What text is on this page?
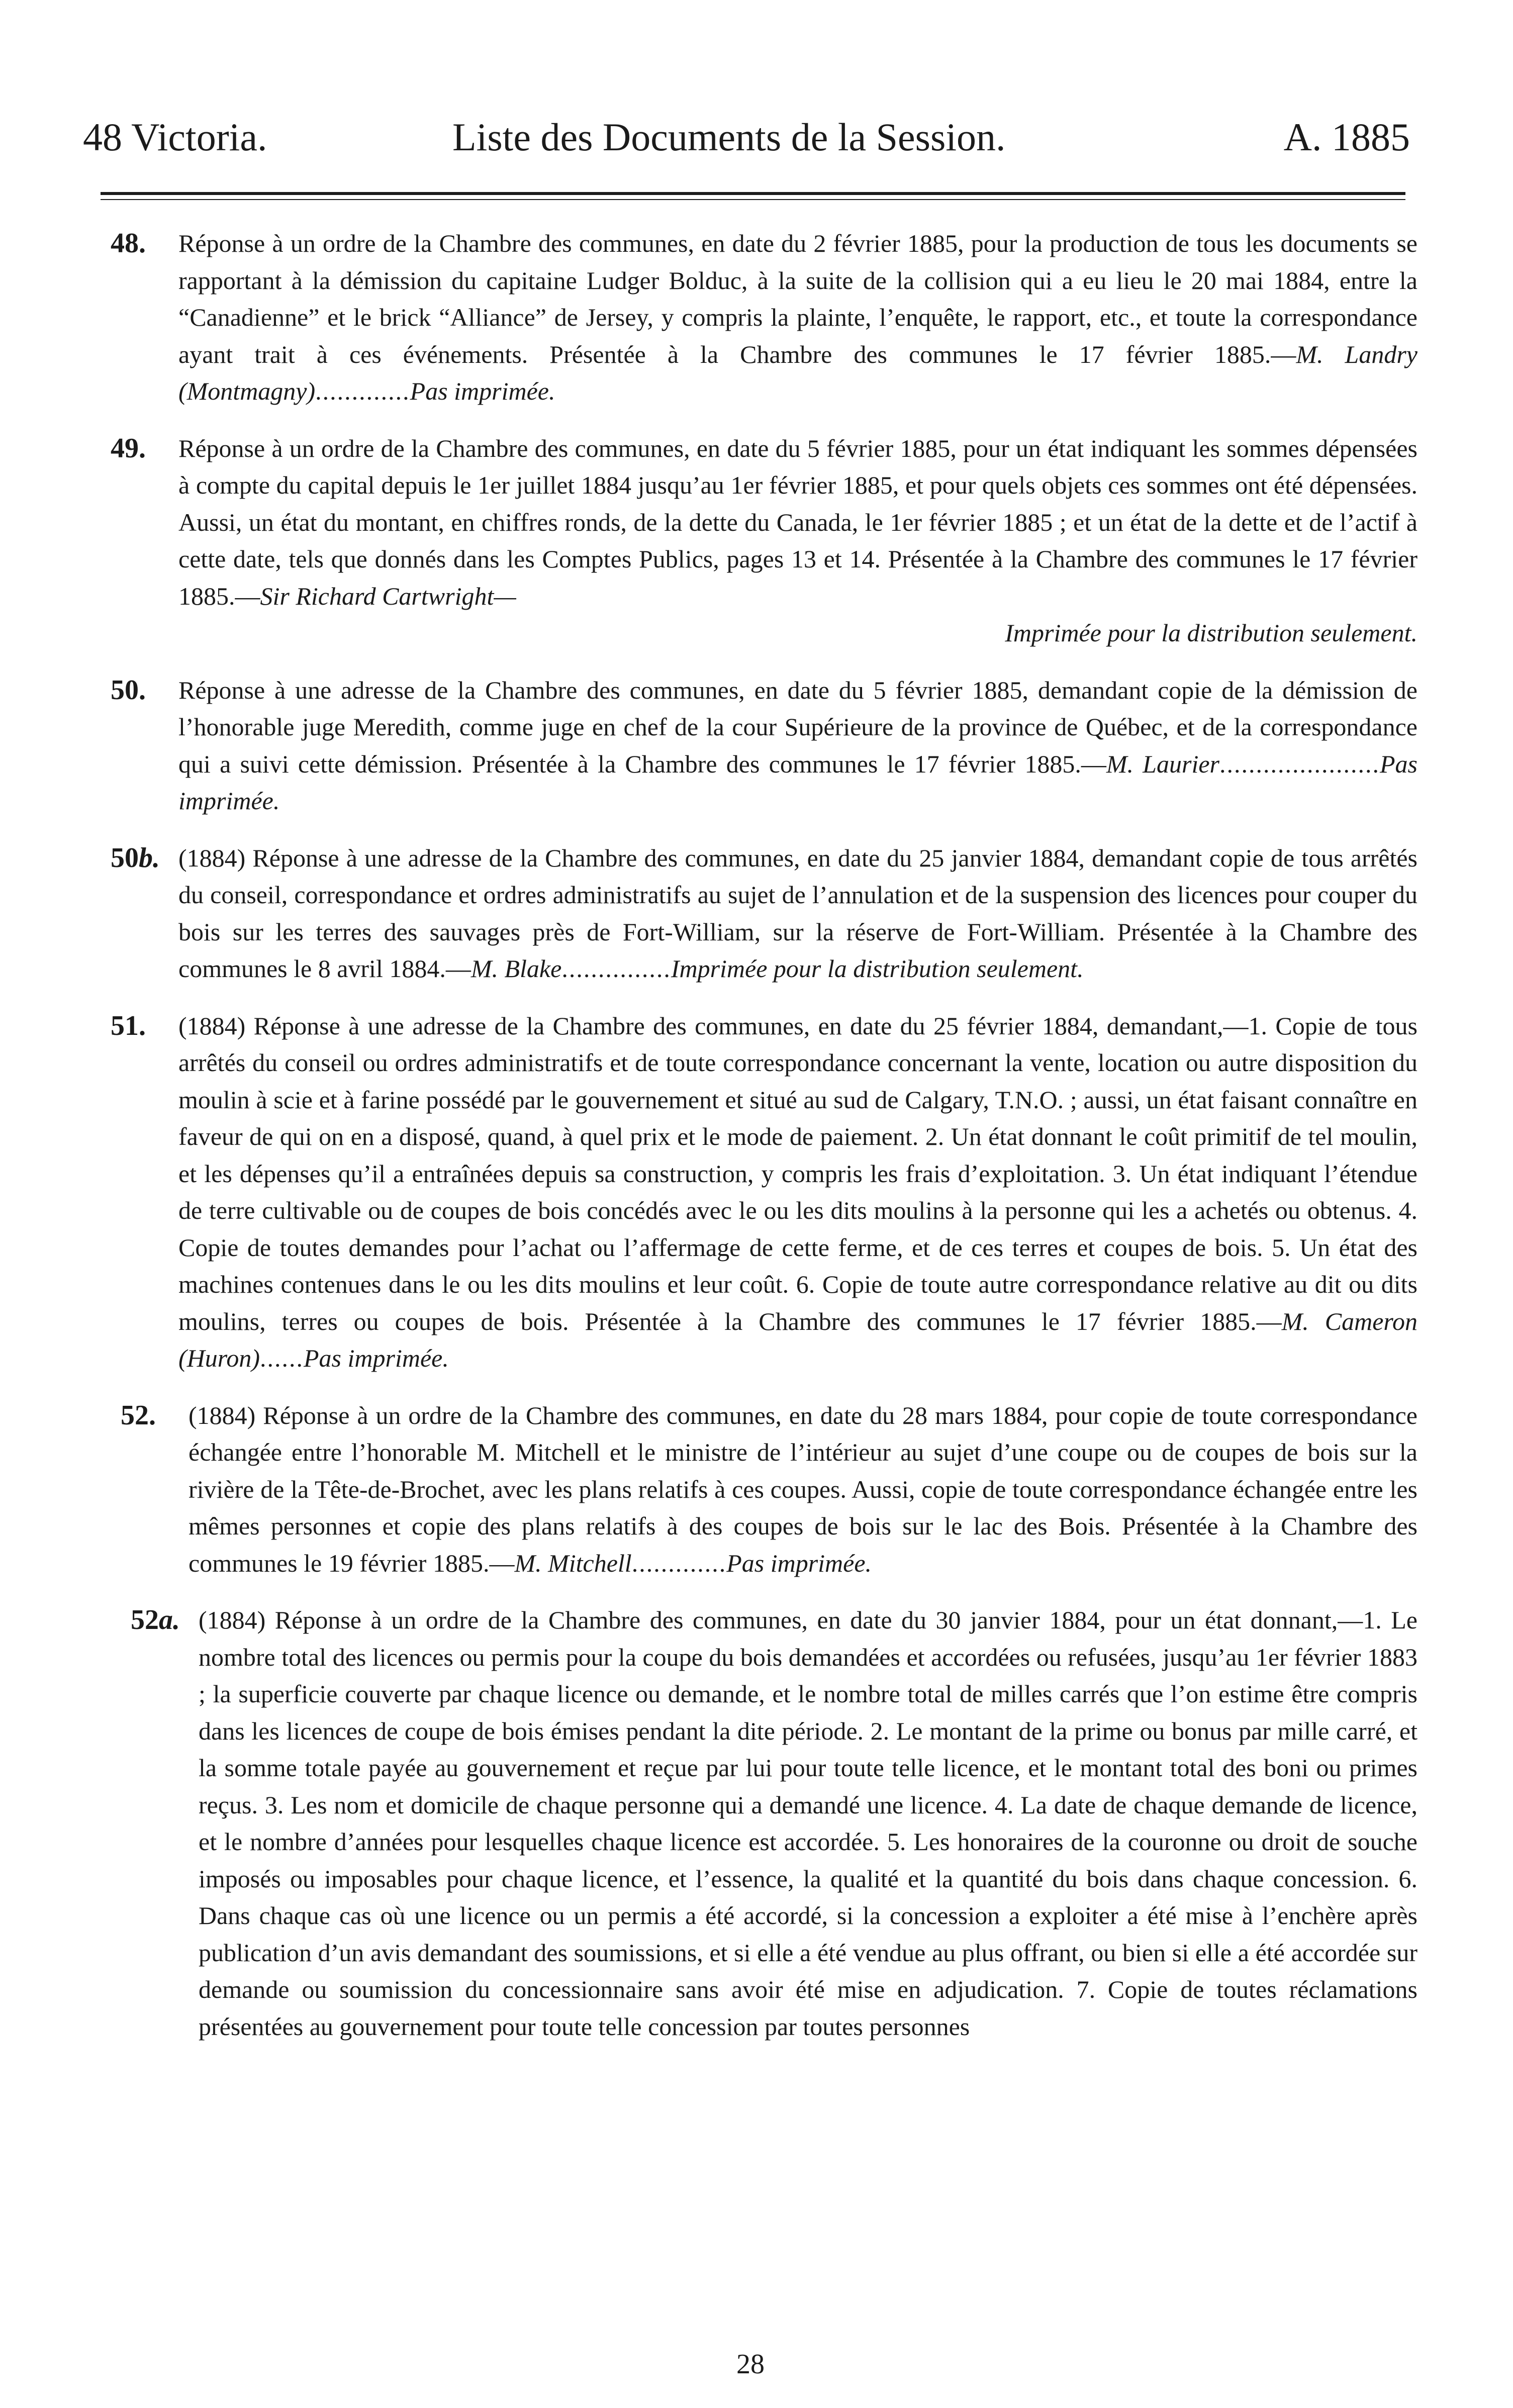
48 Victoria.	Liste des Documents de la Session.	A. 1885
48. Réponse à un ordre de la Chambre des communes, en date du 2 février 1885, pour la production de tous les documents se rapportant à la démission du capitaine Ludger Bolduc, à la suite de la collision qui a eu lieu le 20 mai 1884, entre la “Canadienne” et le brick “Alliance” de Jersey, y compris la plainte, l’enquête, le rapport, etc., et toute la correspondance ayant trait à ces événements. Présentée à la Chambre des communes le 17 février 1885.—M. Landry (Montmagny).............Pas imprimée.
49. Réponse à un ordre de la Chambre des communes, en date du 5 février 1885, pour un état indiquant les sommes dépensées à compte du capital depuis le 1er juillet 1884 jusqu’au 1er février 1885, et pour quels objets ces sommes ont été dépensées. Aussi, un état du montant, en chiffres ronds, de la dette du Canada, le 1er février 1885 ; et un état de la dette et de l’actif à cette date, tels que donnés dans les Comptes Publics, pages 13 et 14. Présentée à la Chambre des communes le 17 février 1885.—Sir Richard Cartwright—
Imprimée pour la distribution seulement.
50. Réponse à une adresse de la Chambre des communes, en date du 5 février 1885, demandant copie de la démission de l’honorable juge Meredith, comme juge en chef de la cour Supérieure de la province de Québec, et de la correspondance qui a suivi cette démission. Présentée à la Chambre des communes le 17 février 1885.—M. Laurier......................Pas imprimée.
50b. (1884) Réponse à une adresse de la Chambre des communes, en date du 25 janvier 1884, demandant copie de tous arrêtés du conseil, correspondance et ordres administratifs au sujet de l’annulation et de la suspension des licences pour couper du bois sur les terres des sauvages près de Fort-William, sur la réserve de Fort-William. Présentée à la Chambre des communes le 8 avril 1884.—M. Blake...............Imprimée pour la distribution seulement.
51. (1884) Réponse à une adresse de la Chambre des communes, en date du 25 février 1884, demandant,—1. Copie de tous arrêtés du conseil ou ordres administratifs et de toute correspondance concernant la vente, location ou autre disposition du moulin à scie et à farine possédé par le gouvernement et situé au sud de Calgary, T.N.O. ; aussi, un état faisant connaître en faveur de qui on en a disposé, quand, à quel prix et le mode de paiement. 2. Un état donnant le coût primitif de tel moulin, et les dépenses qu’il a entraînées depuis sa construction, y compris les frais d’exploitation. 3. Un état indiquant l’étendue de terre cultivable ou de coupes de bois concédés avec le ou les dits moulins à la personne qui les a achetés ou obtenus. 4. Copie de toutes demandes pour l’achat ou l’affermage de cette ferme, et de ces terres et coupes de bois. 5. Un état des machines contenues dans le ou les dits moulins et leur coût. 6. Copie de toute autre correspondance relative au dit ou dits moulins, terres ou coupes de bois. Présentée à la Chambre des communes le 17 février 1885.—M. Cameron (Huron)......Pas imprimée.
52. (1884) Réponse à un ordre de la Chambre des communes, en date du 28 mars 1884, pour copie de toute correspondance échangée entre l’honorable M. Mitchell et le ministre de l’intérieur au sujet d’une coupe ou de coupes de bois sur la rivière de la Tête-de-Brochet, avec les plans relatifs à ces coupes. Aussi, copie de toute correspondance échangée entre les mêmes personnes et copie des plans relatifs à des coupes de bois sur le lac des Bois. Présentée à la Chambre des communes le 19 février 1885.—M. Mitchell.............Pas imprimée.
52a. (1884) Réponse à un ordre de la Chambre des communes, en date du 30 janvier 1884, pour un état donnant,—1. Le nombre total des licences ou permis pour la coupe du bois demandées et accordées ou refusées, jusqu’au 1er février 1883 ; la superficie couverte par chaque licence ou demande, et le nombre total de milles carrés que l’on estime être compris dans les licences de coupe de bois émises pendant la dite période. 2. Le montant de la prime ou bonus par mille carré, et la somme totale payée au gouvernement et reçue par lui pour toute telle licence, et le montant total des boni ou primes reçus. 3. Les nom et domicile de chaque personne qui a demandé une licence. 4. La date de chaque demande de licence, et le nombre d’années pour lesquelles chaque licence est accordée. 5. Les honoraires de la couronne ou droit de souche imposés ou imposables pour chaque licence, et l’essence, la qualité et la quantité du bois dans chaque concession. 6. Dans chaque cas où une licence ou un permis a été accordé, si la concession a exploiter a été mise à l’enchère après publication d’un avis demandant des soumissions, et si elle a été vendue au plus offrant, ou bien si elle a été accordée sur demande ou soumission du concessionnaire sans avoir été mise en adjudication. 7. Copie de toutes réclamations présentées au gouvernement pour toute telle concession par toutes personnes
28
